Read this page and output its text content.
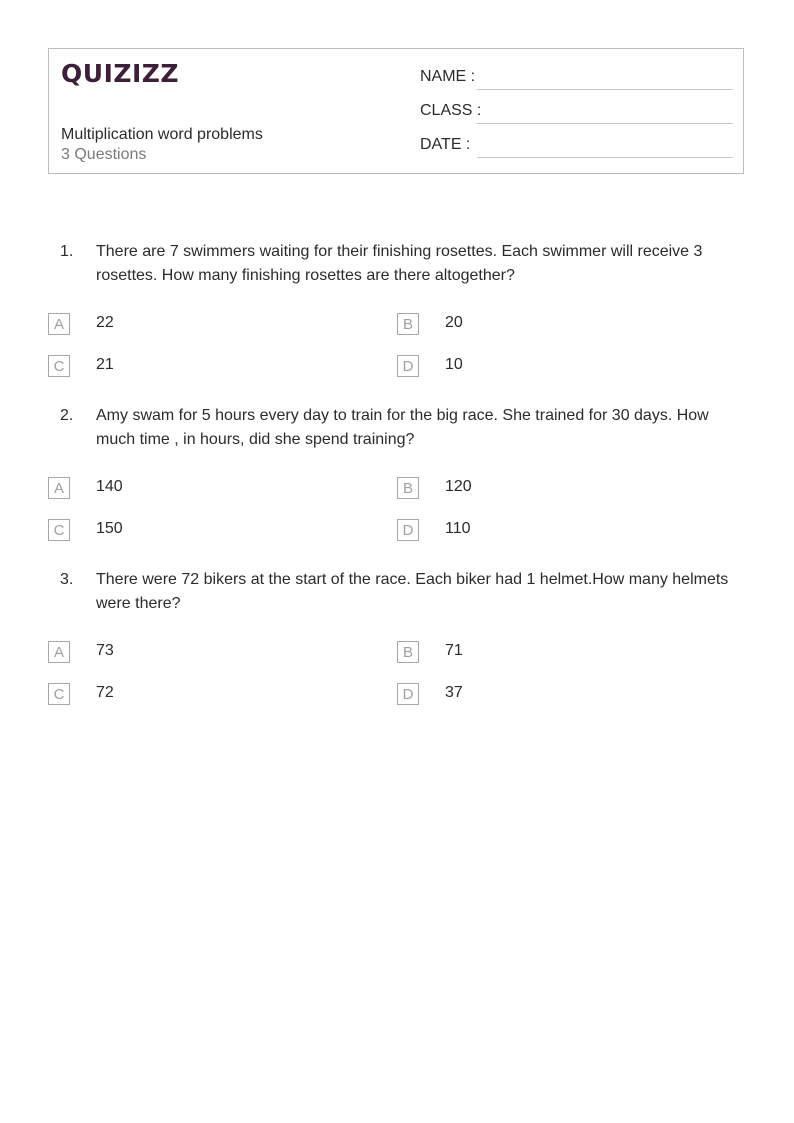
QUIZIZZ
Multiplication word problems
3 Questions
NAME :
CLASS :
DATE :
1. There are 7 swimmers waiting for their finishing rosettes. Each swimmer will receive 3 rosettes. How many finishing rosettes are there altogether?
A	22	B	20
C	21	D	10
2. Amy swam for 5 hours every day to train for the big race. She trained for 30 days. How much time , in hours, did she spend training?
A	140	B	120
C	150	D	110
3. There were 72 bikers at the start of the race. Each biker had 1 helmet.How many helmets were there?
A	73	B	71
C	72	D	37
